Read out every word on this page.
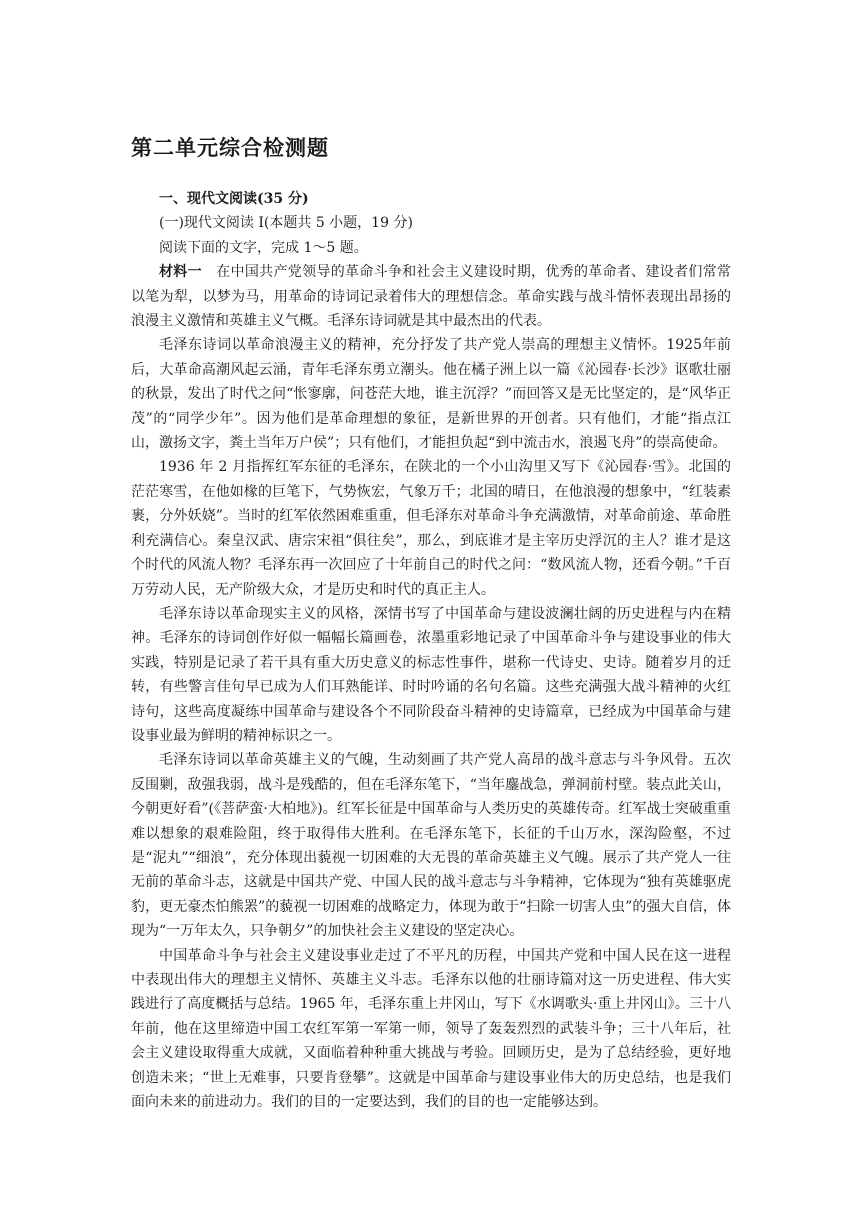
第二单元综合检测题

一、现代文阅读(35 分)

(一)现代文阅读 I(本题共 5 小题，19 分)

阅读下面的文字，完成 1～5 题。

材料一　 在中国共产党领导的革命斗争和社会主义建设时期，优秀的革命者、建设者们常常以笔为犁，以梦为马，用革命的诗词记录着伟大的理想信念。革命实践与战斗情怀表现出昂扬的浪漫主义激情和英雄主义气概。毛泽东诗词就是其中最杰出的代表。

毛泽东诗词以革命浪漫主义的精神，充分抒发了共产党人崇高的理想主义情怀。1925年前后，大革命高潮风起云涌，青年毛泽东勇立潮头。他在橘子洲上以一篇《沁园春·长沙》讴歌壮丽的秋景，发出了时代之问“怅寥廓，问苍茫大地，谁主沉浮？”而回答又是无比坚定的，是“风华正茂”的“同学少年”。因为他们是革命理想的象征，是新世界的开创者。只有他们，才能“指点江山，激扬文字，粪土当年万户侯”；只有他们，才能担负起“到中流击水，浪遏飞舟”的崇高使命。

1936 年 2 月指挥红军东征的毛泽东，在陕北的一个小山沟里又写下《沁园春·雪》。北国的茫茫寒雪，在他如椽的巨笔下，气势恢宏，气象万千；北国的晴日，在他浪漫的想象中，“红装素裹，分外妖娆”。当时的红军依然困难重重，但毛泽东对革命斗争充满激情，对革命前途、革命胜利充满信心。秦皇汉武、唐宗宋祖“俱往矣”，那么，到底谁才是主宰历史浮沉的主人？谁才是这个时代的风流人物？毛泽东再一次回应了十年前自己的时代之问：“数风流人物，还看今朝。”千百万劳动人民，无产阶级大众，才是历史和时代的真正主人。

毛泽东诗以革命现实主义的风格，深情书写了中国革命与建设波澜壮阔的历史进程与内在精神。毛泽东的诗词创作好似一幅幅长篇画卷，浓墨重彩地记录了中国革命斗争与建设事业的伟大实践，特别是记录了若干具有重大历史意义的标志性事件，堪称一代诗史、史诗。随着岁月的迁转，有些警言佳句早已成为人们耳熟能详、时时吟诵的名句名篇。这些充满强大战斗精神的火红诗句，这些高度凝练中国革命与建设各个不同阶段奋斗精神的史诗篇章，已经成为中国革命与建设事业最为鲜明的精神标识之一。

毛泽东诗词以革命英雄主义的气魄，生动刻画了共产党人高昂的战斗意志与斗争风骨。五次反围剿，敌强我弱，战斗是残酷的，但在毛泽东笔下，“当年鏖战急，弹洞前村壁。装点此关山，今朝更好看”(《菩萨蛮·大柏地》)。红军长征是中国革命与人类历史的英雄传奇。红军战士突破重重难以想象的艰难险阻，终于取得伟大胜利。在毛泽东笔下，长征的千山万水，深沟险壑，不过是“泥丸”“细浪”，充分体现出藐视一切困难的大无畏的革命英雄主义气魄。展示了共产党人一往无前的革命斗志，这就是中国共产党、中国人民的战斗意志与斗争精神，它体现为“独有英雄驱虎豹，更无豪杰怕熊罴”的藐视一切困难的战略定力，体现为敢于“扫除一切害人虫”的强大自信，体现为“一万年太久，只争朝夕”的加快社会主义建设的坚定决心。

中国革命斗争与社会主义建设事业走过了不平凡的历程，中国共产党和中国人民在这一进程中表现出伟大的理想主义情怀、英雄主义斗志。毛泽东以他的壮丽诗篇对这一历史进程、伟大实践进行了高度概括与总结。1965 年，毛泽东重上井冈山，写下《水调歌头·重上井冈山》。三十八年前，他在这里缔造中国工农红军第一军第一师，领导了轰轰烈烈的武装斗争；三十八年后，社会主义建设取得重大成就，又面临着种种重大挑战与考验。回顾历史，是为了总结经验，更好地创造未来；“世上无难事，只要肯登攀”。这就是中国革命与建设事业伟大的历史总结，也是我们面向未来的前进动力。我们的目的一定要达到，我们的目的也一定能够达到。
